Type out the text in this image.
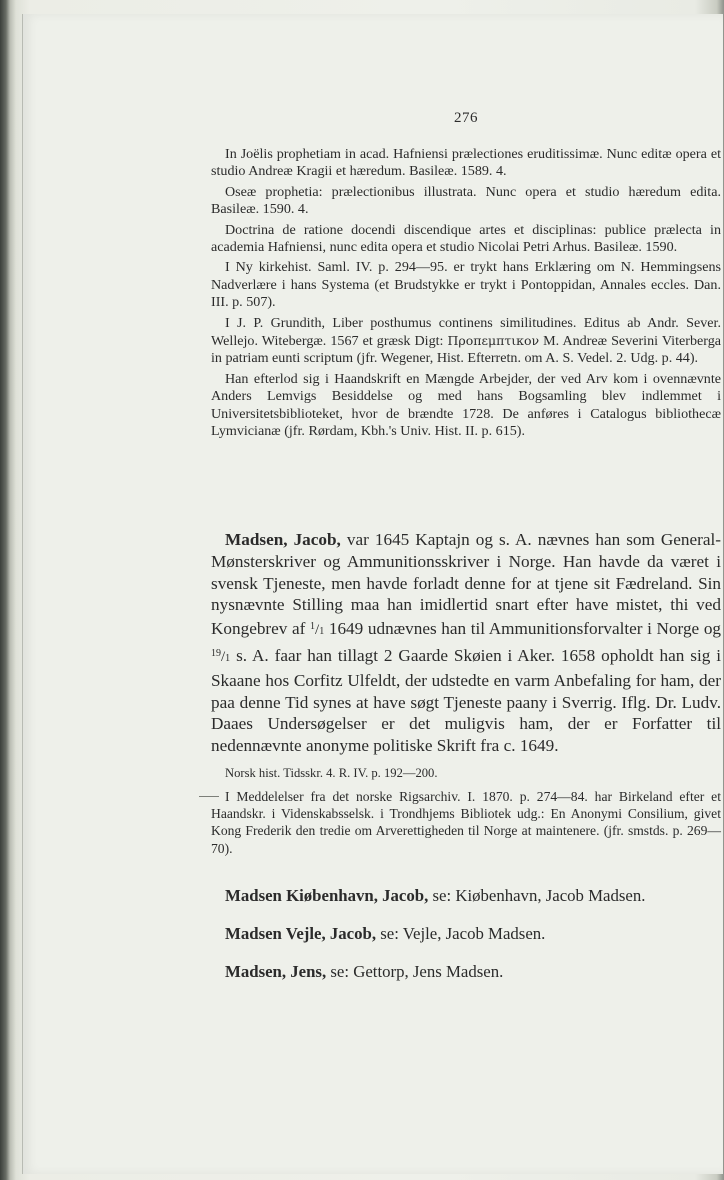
276

In Joëlis prophetiam in acad. Hafniensi prælectiones eruditissimæ. Nunc editæ opera et studio Andreæ Kragii et hæredum. Basileæ. 1589. 4.

Oseæ prophetia: prælectionibus illustrata. Nunc opera et studio hæredum edita. Basileæ. 1590. 4.

Doctrina de ratione docendi discendique artes et disciplinas: publice prælecta in academia Hafniensi, nunc edita opera et studio Nicolai Petri Arhus. Basileæ. 1590.

I Ny kirkehist. Saml. IV. p. 294—95. er trykt hans Erklæring om N. Hemmingsens Nadverlære i hans Systema (et Brudstykke er trykt i Pontoppidan, Annales eccles. Dan. III. p. 507).

I J. P. Grundith, Liber posthumus continens similitudines. Editus ab Andr. Sever. Wellejo. Witebergæ. 1567 et græsk Digt: Προπεμπτικον M. Andreæ Severini Viterberga in patriam eunti scriptum (jfr. Wegener, Hist. Efterretn. om A. S. Vedel. 2. Udg. p. 44).

Han efterlod sig i Haandskrift en Mængde Arbejder, der ved Arv kom i ovennævnte Anders Lemvigs Besiddelse og med hans Bogsamling blev indlemmet i Universitetsbiblioteket, hvor de brændte 1728. De anføres i Catalogus bibliothecæ Lymvicianæ (jfr. Rørdam, Kbh.'s Univ. Hist. II. p. 615).

Madsen, Jacob, var 1645 Kaptajn og s. A. nævnes han som General-Mønsterskriver og Ammunitionsskriver i Norge. Han havde da været i svensk Tjeneste, men havde forladt denne for at tjene sit Fædreland. Sin nysnævnte Stilling maa han imidlertid snart efter have mistet, thi ved Kongebrev af $^1$/1 1649 udnævnes han til Ammunitionsforvalter i Norge og $^{19}$/1 s. A. faar han tillagt 2 Gaarde Skøien i Aker. 1658 opholdt han sig i Skaane hos Corfitz Ulfeldt, der udstedte en varm Anbefaling for ham, der paa denne Tid synes at have søgt Tjeneste paany i Sverrig. Iflg. Dr. Ludv. Daaes Undersøgelser er det muligvis ham, der er Forfatter til nedennævnte anonyme politiske Skrift fra c. 1649.

Norsk hist. Tidsskr. 4. R. IV. p. 192—200.

I Meddelelser fra det norske Rigsarchiv. I. 1870. p. 274—84. har Birkeland efter et Haandskr. i Videnskabsselsk. i Trondhjems Bibliotek udg.: En Anonymi Consilium, givet Kong Frederik den tredie om Arverettigheden til Norge at maintenere. (jfr. smstds. p. 269—70).

Madsen Kiøbenhavn, Jacob, se: Kiøbenhavn, Jacob Madsen.
Madsen Vejle, Jacob, se: Vejle, Jacob Madsen.
Madsen, Jens, se: Gettorp, Jens Madsen.
